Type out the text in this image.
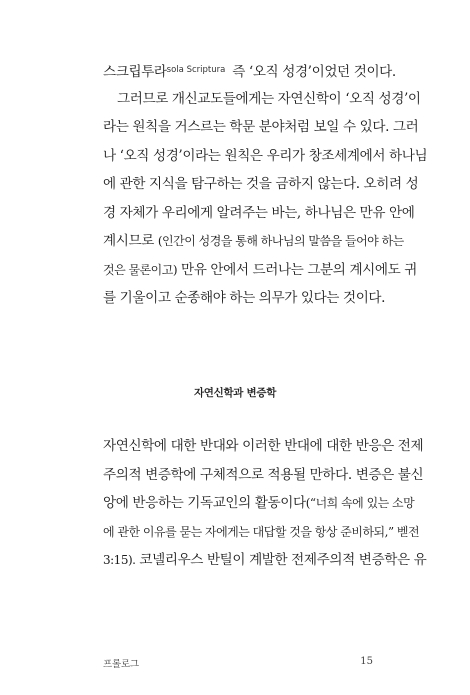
스크립투라$^{sola Scriptura}$ 즉 ‘오직 성경’이었던 것이다.
그러므로 개신교도들에게는 자연신학이 ‘오직 성경’이
라는 원칙을 거스르는 학문 분야처럼 보일 수 있다. 그러
나 ‘오직 성경’이라는 원칙은 우리가 창조세계에서 하나님
에 관한 지식을 탐구하는 것을 금하지 않는다. 오히려 성
경 자체가 우리에게 알려주는 바는, 하나님은 만유 안에
계시므로 (인간이 성경을 통해 하나님의 말씀을 들어야 하는
것은 물론이고) 만유 안에서 드러나는 그분의 계시에도 귀
를 기울이고 순종해야 하는 의무가 있다는 것이다.
자연신학과 변증학
자연신학에 대한 반대와 이러한 반대에 대한 반응은 전제
주의적 변증학에 구체적으로 적용될 만하다. 변증은 불신
앙에 반응하는 기독교인의 활동이다(“너희 속에 있는 소망
에 관한 이유를 묻는 자에게는 대답할 것을 항상 준비하되,” 벧전
3:15). 코넬리우스 반틸이 계발한 전제주의적 변증학은 유
프롤로그	15
